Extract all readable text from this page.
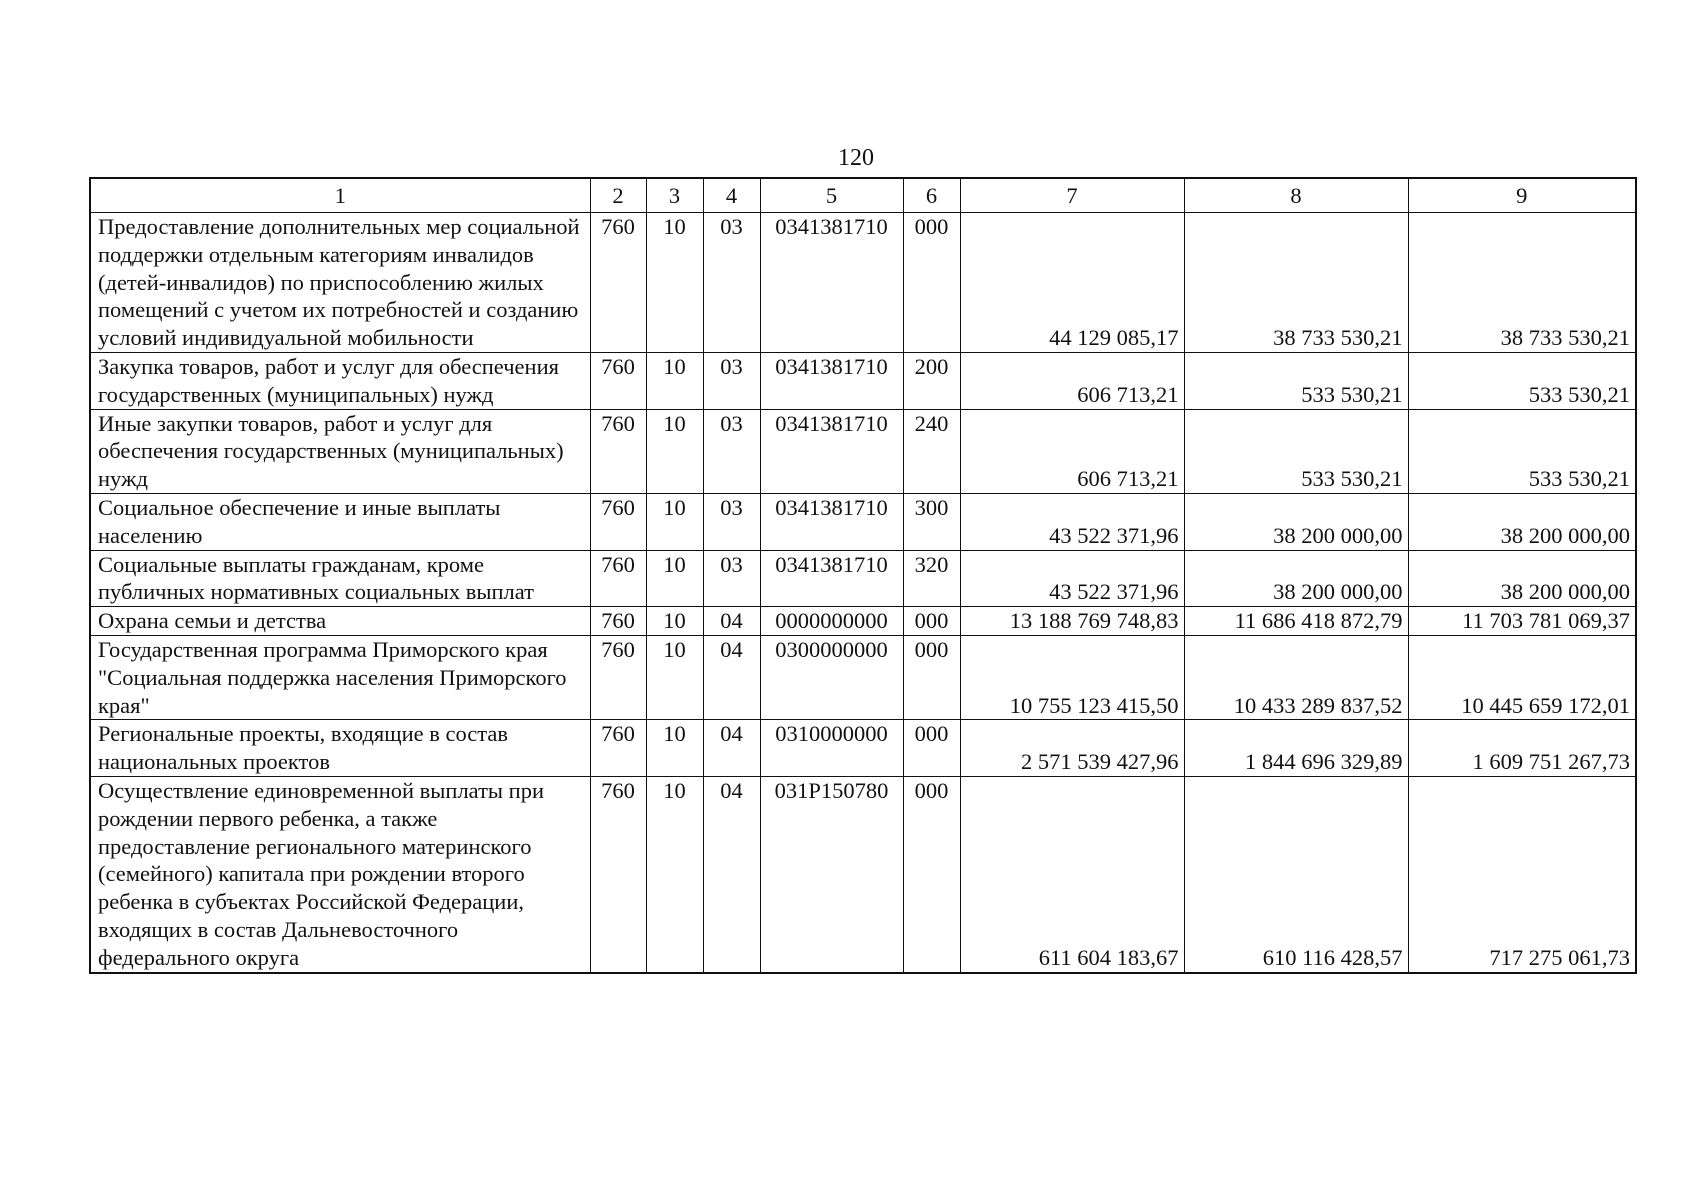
120
1	2	3	4	5	6	7	8	9
Предоставление дополнительных мер социальной поддержки отдельным категориям инвалидов (детей-инвалидов) по приспособлению жилых помещений с учетом их потребностей и созданию условий индивидуальной мобильности	760	10	03	0341381710	000	44 129 085,17	38 733 530,21	38 733 530,21
Закупка товаров, работ и услуг для обеспечения государственных (муниципальных) нужд	760	10	03	0341381710	200	606 713,21	533 530,21	533 530,21
Иные закупки товаров, работ и услуг для обеспечения государственных (муниципальных) нужд	760	10	03	0341381710	240	606 713,21	533 530,21	533 530,21
Социальное обеспечение и иные выплаты населению	760	10	03	0341381710	300	43 522 371,96	38 200 000,00	38 200 000,00
Социальные выплаты гражданам, кроме публичных нормативных социальных выплат	760	10	03	0341381710	320	43 522 371,96	38 200 000,00	38 200 000,00
Охрана семьи и детства	760	10	04	0000000000	000	13 188 769 748,83	11 686 418 872,79	11 703 781 069,37
Государственная программа Приморского края "Социальная поддержка населения Приморского края"	760	10	04	0300000000	000	10 755 123 415,50	10 433 289 837,52	10 445 659 172,01
Региональные проекты, входящие в состав национальных проектов	760	10	04	0310000000	000	2 571 539 427,96	1 844 696 329,89	1 609 751 267,73
Осуществление единовременной выплаты при рождении первого ребенка, а также предоставление регионального материнского (семейного) капитала при рождении второго ребенка в субъектах Российской Федерации, входящих в состав Дальневосточного федерального округа	760	10	04	031P150780	000	611 604 183,67	610 116 428,57	717 275 061,73
